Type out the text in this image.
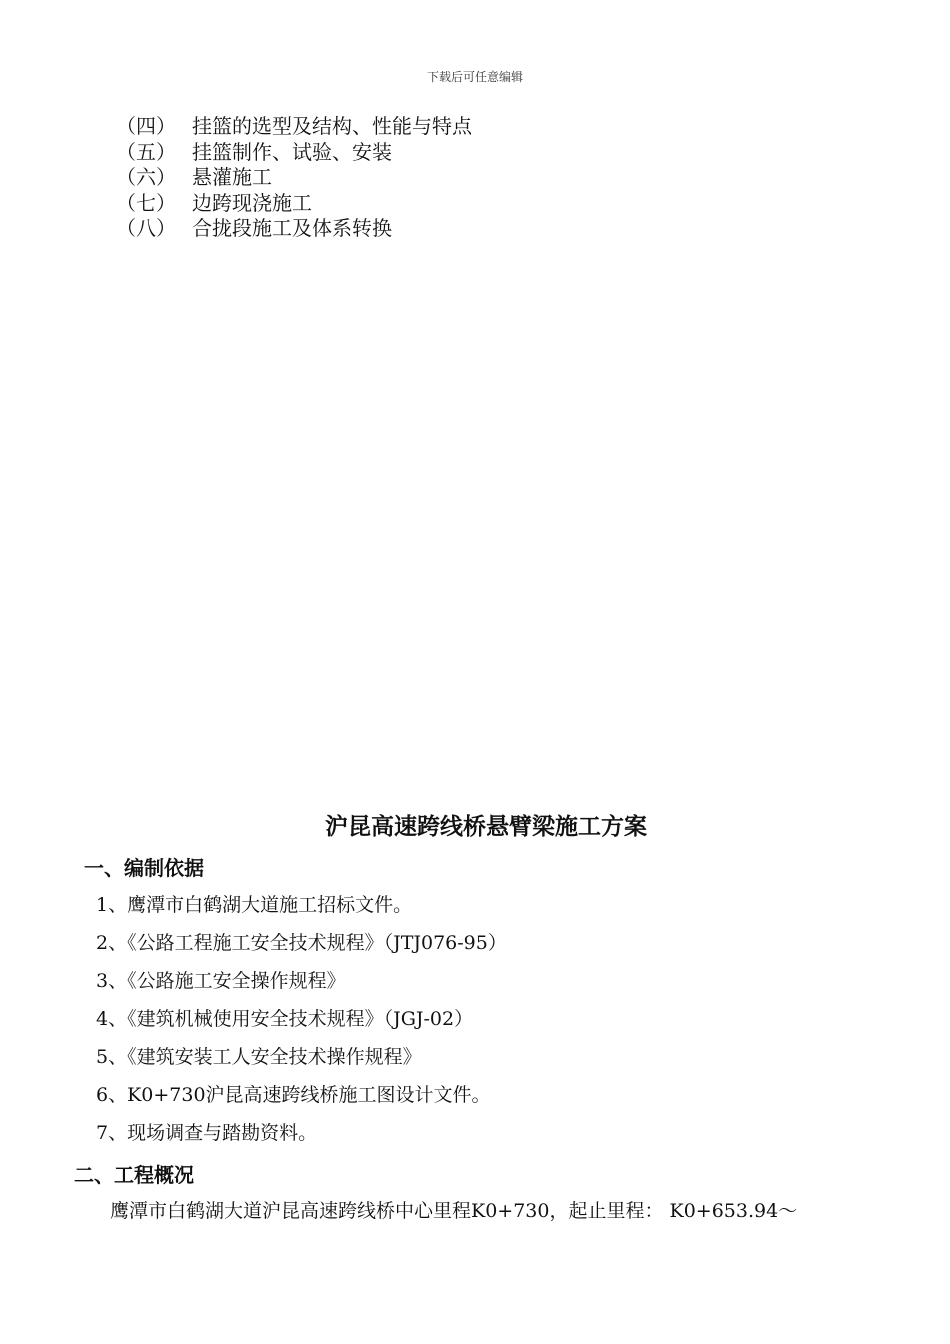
下载后可任意编辑
（四） 挂篮的选型及结构、性能与特点
（五） 挂篮制作、试验、安装
（六） 悬灌施工
（七） 边跨现浇施工
（八） 合拢段施工及体系转换
沪昆高速跨线桥悬臂梁施工方案
一、编制依据
1、鹰潭市白鹤湖大道施工招标文件。
2、《公路工程施工安全技术规程》（JTJ076-95）
3、《公路施工安全操作规程》
4、《建筑机械使用安全技术规程》（JGJ-02）
5、《建筑安装工人安全技术操作规程》
6、K0+730沪昆高速跨线桥施工图设计文件。
7、现场调查与踏勘资料。
二、工程概况
鹰潭市白鹤湖大道沪昆高速跨线桥中心里程K0+730，起止里程： K0+653.94～
